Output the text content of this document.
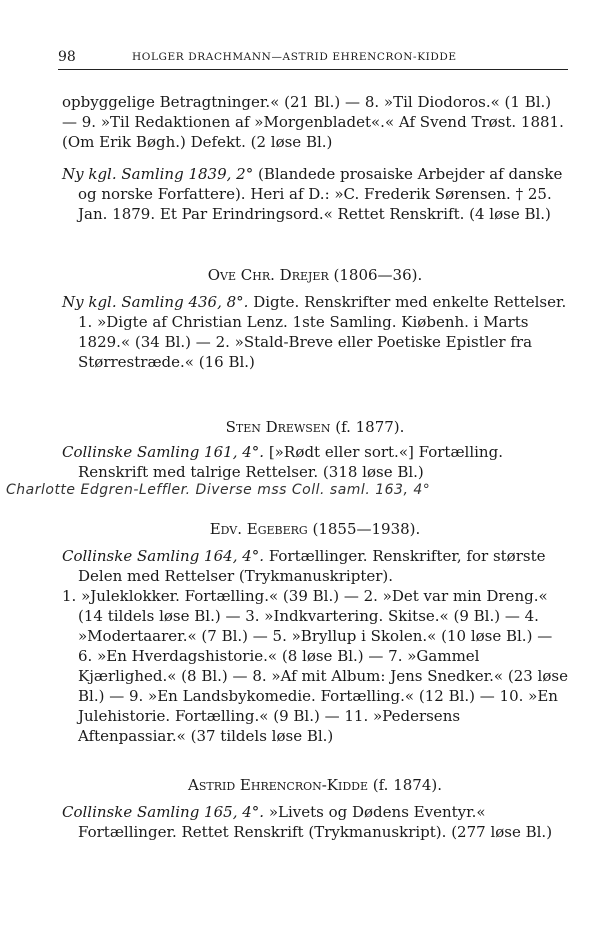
98	HOLGER DRACHMANN—ASTRID EHRENCRON-KIDDE
opbyggelige Betragtninger.« (21 Bl.) — 8. »Til Diodoros.« (1 Bl.)
— 9. »Til Redaktionen af »Morgenbladet«.« Af Svend Trøst. 1881.
(Om Erik Bøgh.) Defekt. (2 løse Bl.)

Ny kgl. Samling 1839, 2° (Blandede prosaiske Arbejder af danske og norske Forfattere). Heri af D.: »C. Frederik Sørensen. † 25. Jan. 1879. Et Par Erindringsord.« Rettet Renskrift. (4 løse Bl.)

Ove Chr. Drejer (1806—36).

Ny kgl. Samling 436, 8°. Digte. Renskrifter med enkelte Rettelser. 1. »Digte af Christian Lenz. 1ste Samling. Kiøbenh. i Marts 1829.« (34 Bl.) — 2. »Stald-Breve eller Poetiske Epistler fra Størrestræde.« (16 Bl.)

Sten Drewsen (f. 1877).

Collinske Samling 161, 4°. [»Rødt eller sort.«] Fortælling. Renskrift med talrige Rettelser. (318 løse Bl.)

Charlotte Edgren-Leffler. Diverse mss Coll. saml. 163, 4°
Edv. Egeberg (1855—1938).

Collinske Samling 164, 4°. Fortællinger. Renskrifter, for største Delen med Rettelser (Trykmanuskripter).

1. »Juleklokker. Fortælling.« (39 Bl.) — 2. »Det var min Dreng.« (14 tildels løse Bl.) — 3. »Indkvartering. Skitse.« (9 Bl.) — 4. »Modertaarer.« (7 Bl.) — 5. »Bryllup i Skolen.« (10 løse Bl.) — 6. »En Hverdagshistorie.« (8 løse Bl.) — 7. »Gammel Kjærlighed.« (8 Bl.) — 8. »Af mit Album: Jens Snedker.« (23 løse Bl.) — 9. »En Landsbykomedie. Fortælling.« (12 Bl.) — 10. »En Julehistorie. Fortælling.« (9 Bl.) — 11. »Pedersens Aftenpassiar.« (37 tildels løse Bl.)

Astrid Ehrencron-Kidde (f. 1874).

Collinske Samling 165, 4°. »Livets og Dødens Eventyr.« Fortællinger. Rettet Renskrift (Trykmanuskript). (277 løse Bl.)
